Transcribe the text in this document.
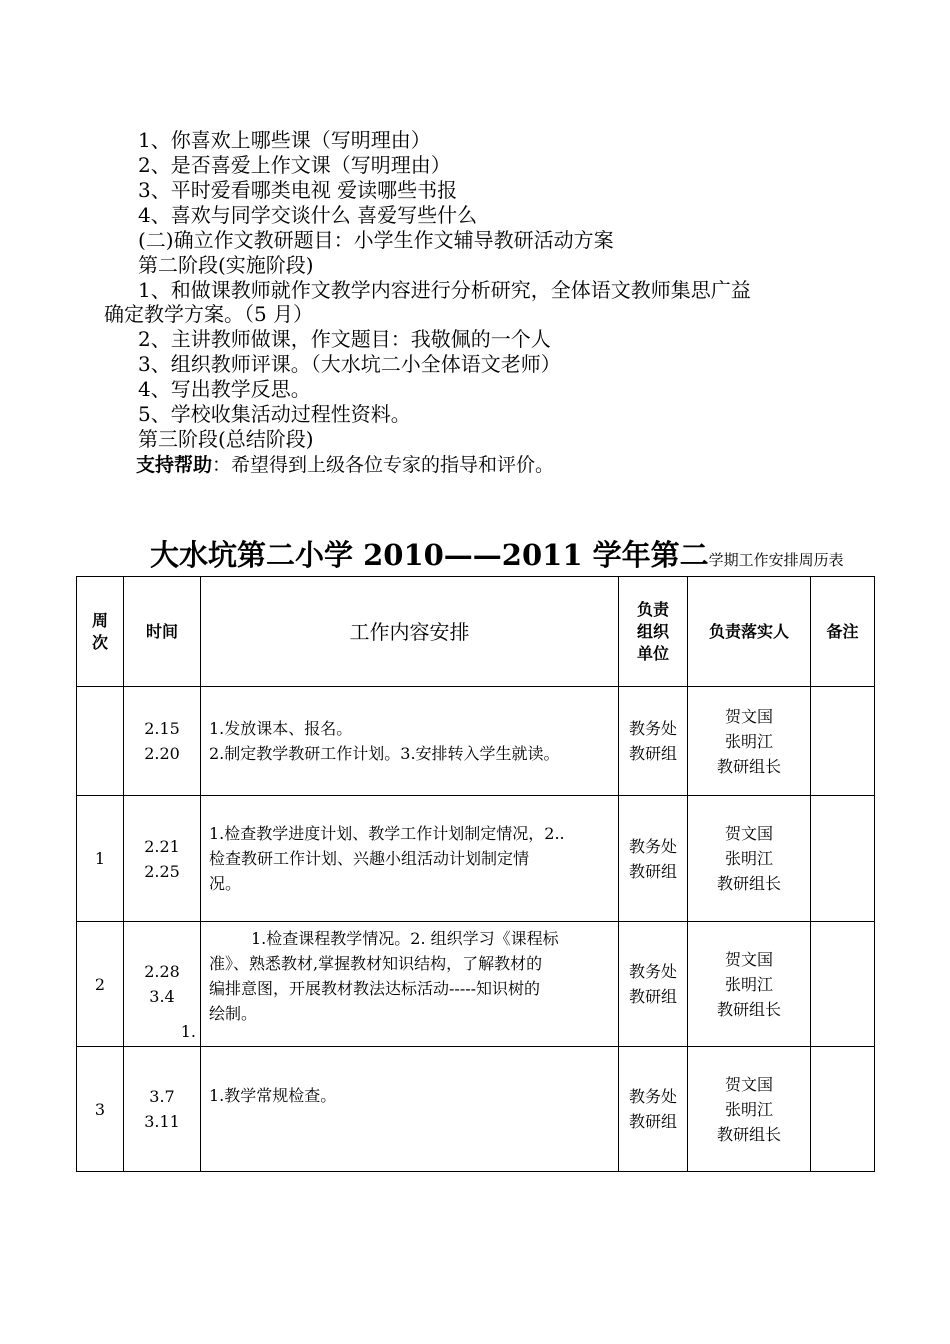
1、你喜欢上哪些课（写明理由）
2、是否喜爱上作文课（写明理由）
3、平时爱看哪类电视 爱读哪些书报
4、喜欢与同学交谈什么 喜爱写些什么
(二)确立作文教研题目：小学生作文辅导教研活动方案
第二阶段(实施阶段)
1、和做课教师就作文教学内容进行分析研究，全体语文教师集思广益
确定教学方案。（5 月）
2、主讲教师做课，作文题目：我敬佩的一个人
3、组织教师评课。（大水坑二小全体语文老师）
4、写出教学反思。
5、学校收集活动过程性资料。
第三阶段(总结阶段)
支持帮助：希望得到上级各位专家的指导和评价。
大水坑第二小学 2010——2011 学年第二学期工作安排周历表
周
次	时间	工作内容安排	负责
组织
单位	负责落实人	备注

	2.15
2.20	1.发放课本、报名。
2.制定教学教研工作计划。3.安排转入学生就读。	教务处
教研组	贺文国
张明江
教研组长	

1	2.21
2.25	1.检查教学进度计划、教学工作计划制定情况，2..
检查教研工作计划、兴趣小组活动计划制定情
况。	教务处
教研组	贺文国
张明江
教研组长	

2	2.28
3.4
1.	1.检查课程教学情况。2. 组织学习《课程标
准》、熟悉教材,掌握教材知识结构，了解教材的
编排意图，开展教材教法达标活动-----知识树的
绘制。	教务处
教研组	贺文国
张明江
教研组长	

3	3.7
3.11	1.教学常规检查。	教务处
教研组	贺文国
张明江
教研组长	
